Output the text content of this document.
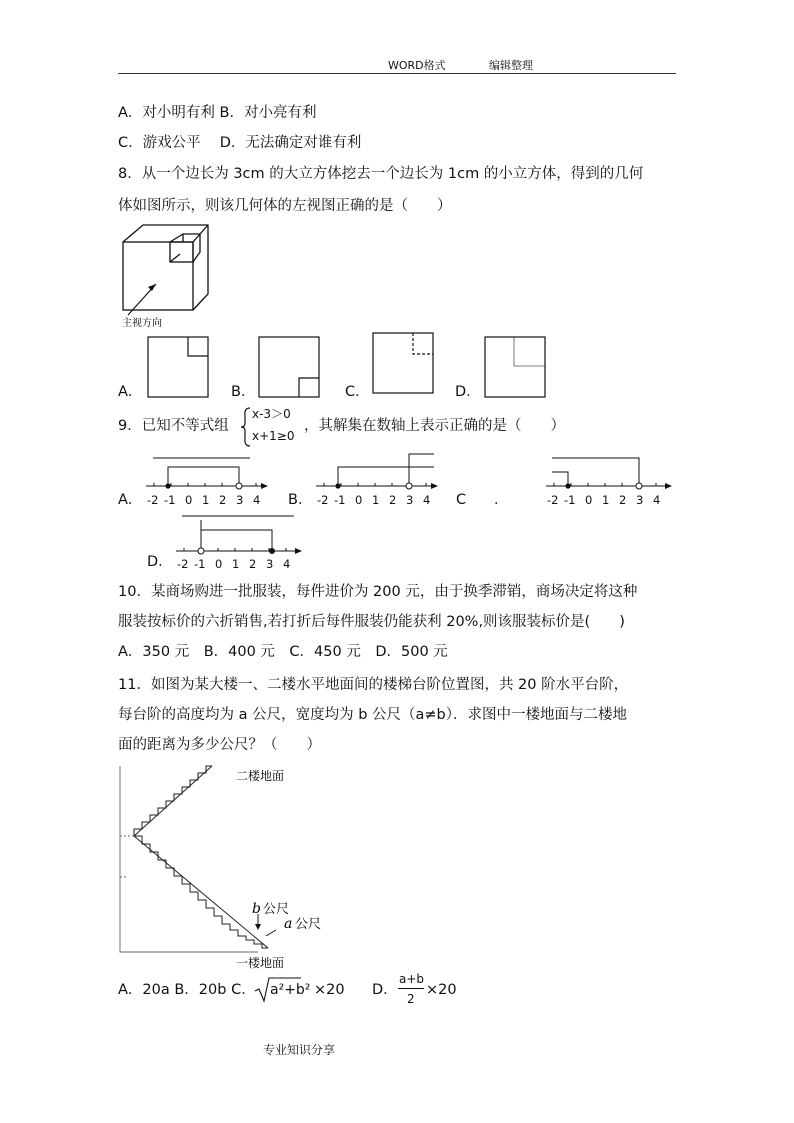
WORD格式	编辑整理
A．对小明有利 B．对小亮有利
C．游戏公平　 D．无法确定对谁有利
8．从一个边长为 3cm 的大立方体挖去一个边长为 1cm 的小立方体，得到的几何
体如图所示，则该几何体的左视图正确的是（　　）
主视方向
A．	B．	C．	D．
9．已知不等式组
x-3＞0
x+1≥0
，其解集在数轴上表示正确的是（　　）
-2 -1 0 1 2 3 4
A．	-2 -1 0 1 2 3 4
B．	C ．	-2 -1 0 1 2 3 4
-2 -1 0 1 2 3 4
D．
10．某商场购进一批服装，每件进价为 200 元，由于换季滞销，商场决定将这种
服装按标价的六折销售,若打折后每件服装仍能获利 20%,则该服装标价是(　　)
A．350 元　B．400 元　C．450 元　D．500 元
11．如图为某大楼一、二楼水平地面间的楼梯台阶位置图，共 20 阶水平台阶，
每台阶的高度均为 a 公尺，宽度均为 b 公尺（a≠b）．求图中一楼地面与二楼地
面的距离为多少公尺？（　　）
b 公尺
a 公尺
二楼地面
一楼地面
A．20a B．20b C． a²+b² ×20 D．
a+b
2
×20
专业知识分享
